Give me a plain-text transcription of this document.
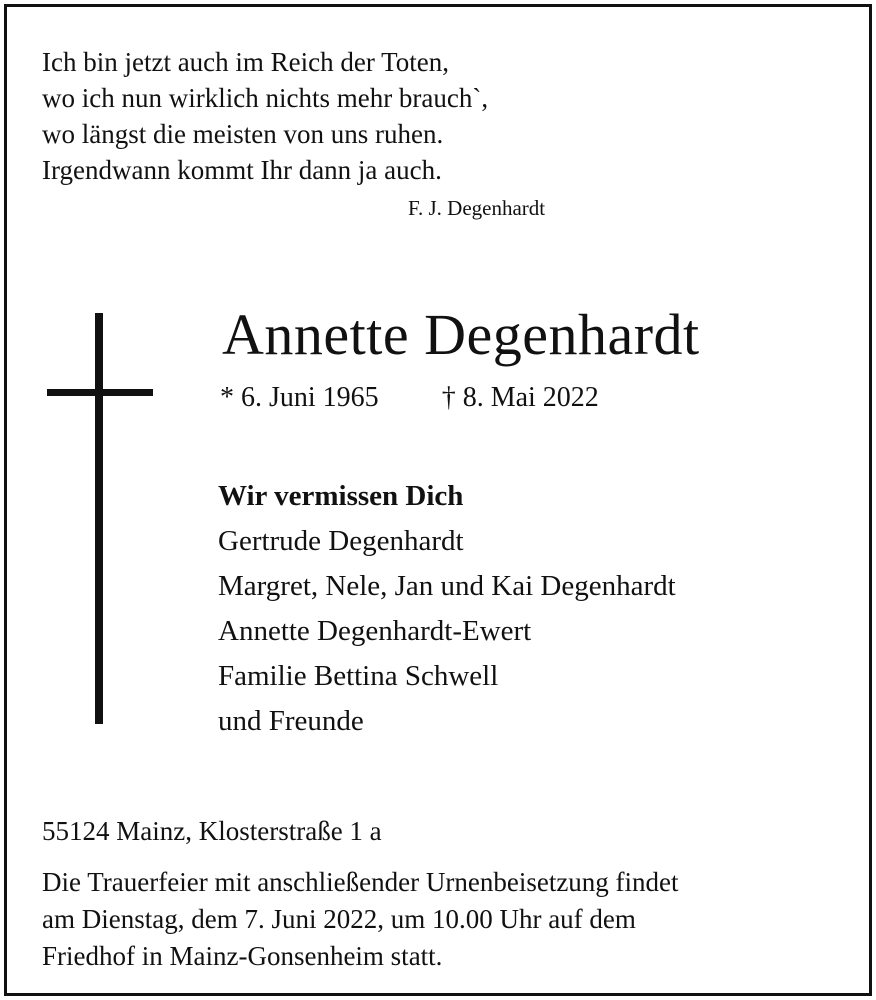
Ich bin jetzt auch im Reich der Toten,
wo ich nun wirklich nichts mehr brauch`,
wo längst die meisten von uns ruhen.
Irgendwann kommt Ihr dann ja auch.
F. J. Degenhardt
Annette Degenhardt
* 6. Juni 1965 † 8. Mai 2022
Wir vermissen Dich
Gertrude Degenhardt
Margret, Nele, Jan und Kai Degenhardt
Annette Degenhardt-Ewert
Familie Bettina Schwell
und Freunde
55124 Mainz, Klosterstraße 1 a
Die Trauerfeier mit anschließender Urnenbeisetzung findet
am Dienstag, dem 7. Juni 2022, um 10.00 Uhr auf dem
Friedhof in Mainz-Gonsenheim statt.
